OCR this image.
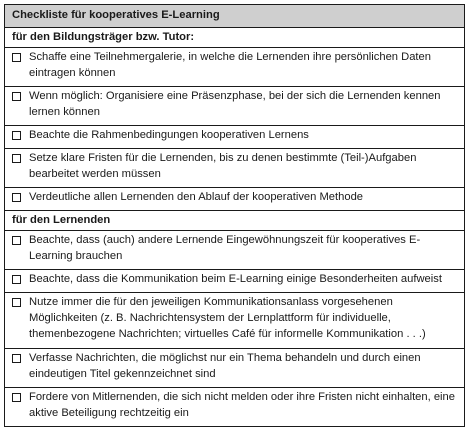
Checkliste für kooperatives E-Learning
für den Bildungsträger bzw. Tutor:
Schaffe eine Teilnehmergalerie, in welche die Lernenden ihre persönlichen Daten eintragen können
Wenn möglich: Organisiere eine Präsenzphase, bei der sich die Lernenden kennen lernen können
Beachte die Rahmenbedingungen kooperativen Lernens
Setze klare Fristen für die Lernenden, bis zu denen bestimmte (Teil-)Aufgaben bearbeitet werden müssen
Verdeutliche allen Lernenden den Ablauf der kooperativen Methode
für den Lernenden
Beachte, dass (auch) andere Lernende Eingewöhnungszeit für kooperatives E-Learning brauchen
Beachte, dass die Kommunikation beim E-Learning einige Besonderheiten aufweist
Nutze immer die für den jeweiligen Kommunikationsanlass vorgesehenen Möglichkeiten (z. B. Nachrichtensystem der Lernplattform für individuelle, themenbezogene Nachrichten; virtuelles Café für informelle Kommunikation . . .)
Verfasse Nachrichten, die möglichst nur ein Thema behandeln und durch einen eindeutigen Titel gekennzeichnet sind
Fordere von Mitlernenden, die sich nicht melden oder ihre Fristen nicht einhalten, eine aktive Beteiligung rechtzeitig ein
